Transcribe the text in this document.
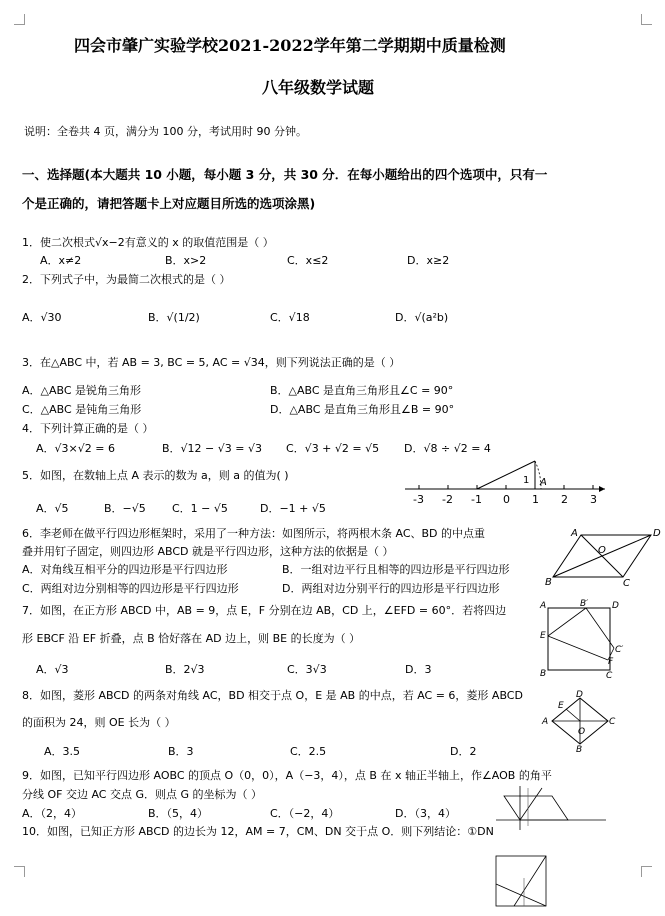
四会市肇广实验学校2021-2022学年第二学期期中质量检测
八年级数学试题
说明：全卷共 4 页，满分为 100 分，考试用时 90 分钟。
一、选择题(本大题共 10 小题，每小题 3 分，共 30 分．在每小题给出的四个选项中，只有一
个是正确的，请把答题卡上对应题目所选的选项涂黑)
1．使二次根式√x−2有意义的 x 的取值范围是（ ）
A．x≠2	B．x>2	C．x≤2	D．x≥2
2．下列式子中，为最简二次根式的是（ ）
A．√30	B．√(1/2)	C．√18	D．√(a²b)
3．在△ABC 中，若 AB = 3, BC = 5, AC = √34，则下列说法正确的是（ ）
A．△ABC 是锐角三角形	B．△ABC 是直角三角形且∠C = 90°
C．△ABC 是钝角三角形	D．△ABC 是直角三角形且∠B = 90°
4．下列计算正确的是（ ）
A．√3×√2 = 6	B．√12 − √3 = √3 C．√3 + √2 = √5 D．√8 ÷ √2 = 4
5．如图，在数轴上点 A 表示的数为 a，则 a 的值为( )
A．√5	B．−√5 C．1 − √5	D．−1 + √5
-3 -2 -1 0 1 2 3
1 A
6．李老师在做平行四边形框架时，采用了一种方法：如图所示，将两根木条 AC、BD 的中点重
叠并用钉子固定，则四边形 ABCD 就是平行四边形，这种方法的依据是（ ）
A．对角线互相平分的四边形是平行四边形	B．一组对边平行且相等的四边形是平行四边形
C．两组对边分别相等的四边形是平行四边形	D．两组对边分别平行的四边形是平行四边形
A	D
O
B	C
7．如图，在正方形 ABCD 中，AB = 9，点 E，F 分别在边 AB，CD 上，∠EFD = 60°．若将四边
形 EBCF 沿 EF 折叠，点 B 恰好落在 AD 边上，则 BE 的长度为（ ）
A．√3	B．2√3	C．3√3	D．3
A	B′	D
E
C′
F
B	C
8．如图，菱形 ABCD 的两条对角线 AC，BD 相交于点 O，E 是 AB 的中点，若 AC = 6，菱形 ABCD
的面积为 24，则 OE 长为（ ）
A．3.5	B．3	C．2.5	D．2
D
A
E
O
C
B
9．如图，已知平行四边形 AOBC 的顶点 O（0，0），A（−3，4），点 B 在 x 轴正半轴上，作∠AOB 的角平
分线 OF 交边 AC 交点 G．则点 G 的坐标为（ ）
A．（2，4）	B．（5，4）	C．（−2，4）	D．（3，4）
10．如图，已知正方形 ABCD 的边长为 12，AM = 7，CM、DN 交于点 O．则下列结论：①DN
